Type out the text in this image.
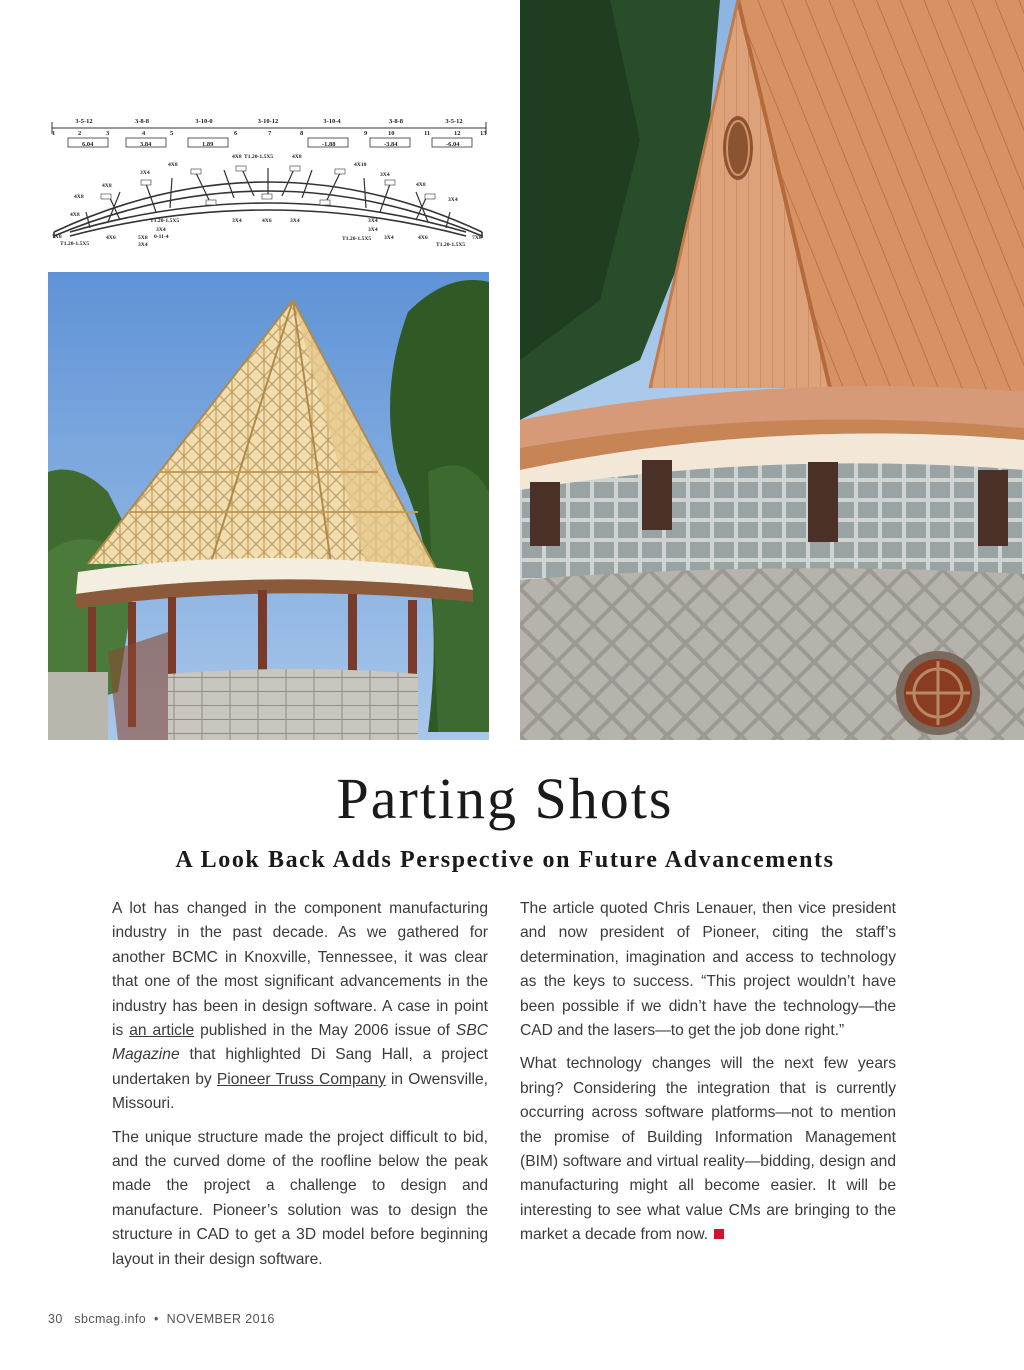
3-5-12	3-8-8	3-10-0	3-10-12	3-10-4	3-8-8	3-5-12
1	2	3	4	5	6	7	8	9	10	11	12	13
6.04	3.84	1.89	-1.88	-3.84	-6.04
4X8 T1.20-1.5X5	4X8
4X10
3X4
4X8
3X4
4X8	4X8
4X8	3X4
4X8
T1.20-1.5X5	3X4	4X6	3X4	3X4
3X4
7X8
T1.20-1.5X5
4X6	5X8
3X4
0-11-4
3X4
T1.20-1.5X5 3X4	4X6
T1.20-1.5X5
7X8
Parting Shots
A Look Back Adds Perspective on Future Advancements

A lot has changed in the component manufacturing industry in the past decade. As we gathered for another BCMC in Knoxville, Tennessee, it was clear that one of the most significant advancements in the industry has been in design software. A case in point is an article published in the May 2006 issue of SBC Magazine that highlighted Di Sang Hall, a project undertaken by Pioneer Truss Company in Owensville, Missouri.

The unique structure made the project difficult to bid, and the curved dome of the roofline below the peak made the project a challenge to design and manufacture. Pioneer’s solution was to design the structure in CAD to get a 3D model before beginning layout in their design software.

The article quoted Chris Lenauer, then vice president and now president of Pioneer, citing the staff’s determination, imagination and access to technology as the keys to success. “This project wouldn’t have been possible if we didn’t have the technology—the CAD and the lasers—to get the job done right.”

What technology changes will the next few years bring? Considering the integration that is currently occurring across software platforms—not to mention the promise of Building Information Management (BIM) software and virtual reality—bidding, design and manufacturing might all become easier. It will be interesting to see what value CMs are bringing to the market a decade from now.

30 sbcmag.info • NOVEMBER 2016
